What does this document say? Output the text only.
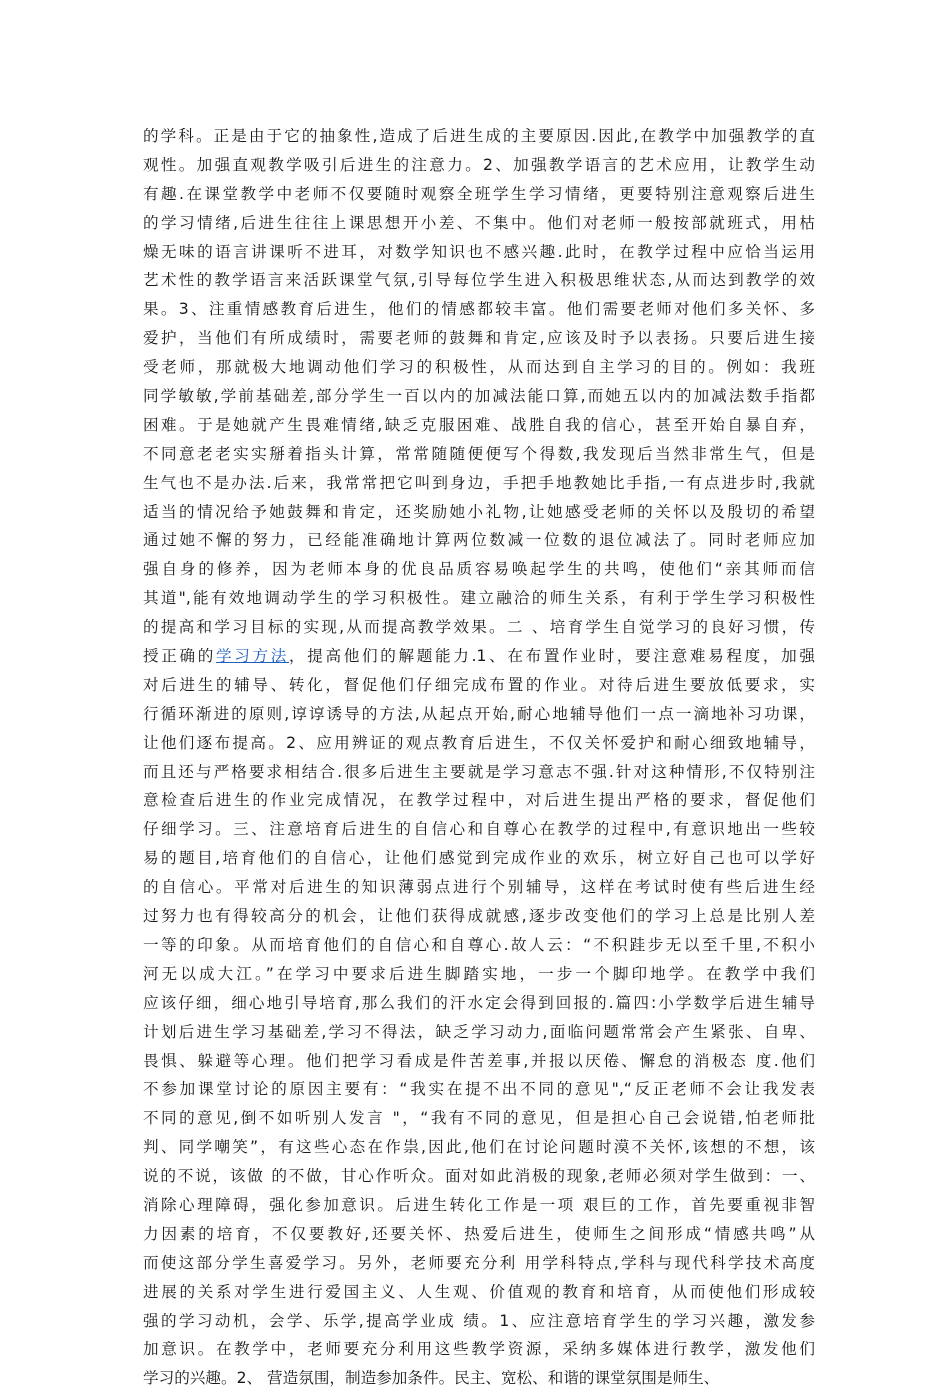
的学科。正是由于它的抽象性,造成了后进生成的主要原因.因此,在教学中加强教学的直
观性。加强直观教学吸引后进生的注意力。2、加强教学语言的艺术应用，让教学生动
有趣.在课堂教学中老师不仅要随时观察全班学生学习情绪，更要特别注意观察后进生
的学习情绪,后进生往往上课思想开小差、不集中。他们对老师一般按部就班式，用枯
燥无味的语言讲课听不进耳，对数学知识也不感兴趣.此时，在教学过程中应恰当运用
艺术性的教学语言来活跃课堂气氛,引导每位学生进入积极思维状态,从而达到教学的效
果。3、注重情感教育后进生，他们的情感都较丰富。他们需要老师对他们多关怀、多
爱护，当他们有所成绩时，需要老师的鼓舞和肯定,应该及时予以表扬。只要后进生接
受老师，那就极大地调动他们学习的积极性，从而达到自主学习的目的。例如：我班
同学敏敏,学前基础差,部分学生一百以内的加减法能口算,而她五以内的加减法数手指都
困难。于是她就产生畏难情绪,缺乏克服困难、战胜自我的信心，甚至开始自暴自弃，
不同意老老实实掰着指头计算，常常随随便便写个得数,我发现后当然非常生气，但是
生气也不是办法.后来，我常常把它叫到身边，手把手地教她比手指,一有点进步时,我就
适当的情况给予她鼓舞和肯定，还奖励她小礼物,让她感受老师的关怀以及殷切的希望
通过她不懈的努力，已经能准确地计算两位数减一位数的退位减法了。同时老师应加
强自身的修养，因为老师本身的优良品质容易唤起学生的共鸣，使他们“亲其师而信
其道",能有效地调动学生的学习积极性。建立融洽的师生关系，有利于学生学习积极性
的提高和学习目标的实现,从而提高教学效果。二 、培育学生自觉学习的良好习惯，传
授正确的学习方法，提高他们的解题能力.1、在布置作业时，要注意难易程度，加强
对后进生的辅导、转化，督促他们仔细完成布置的作业。对待后进生要放低要求，实
行循环渐进的原则,谆谆诱导的方法,从起点开始,耐心地辅导他们一点一滴地补习功课，
让他们逐布提高。2、应用辨证的观点教育后进生，不仅关怀爱护和耐心细致地辅导，
而且还与严格要求相结合.很多后进生主要就是学习意志不强.针对这种情形,不仅特别注
意检查后进生的作业完成情况，在教学过程中，对后进生提出严格的要求，督促他们
仔细学习。三、注意培育后进生的自信心和自尊心在教学的过程中,有意识地出一些较
易的题目,培育他们的自信心，让他们感觉到完成作业的欢乐，树立好自己也可以学好
的自信心。平常对后进生的知识薄弱点进行个别辅导，这样在考试时使有些后进生经
过努力也有得较高分的机会，让他们获得成就感,逐步改变他们的学习上总是比别人差
一等的印象。从而培育他们的自信心和自尊心.故人云：“不积跬步无以至千里,不积小
河无以成大江。”在学习中要求后进生脚踏实地，一步一个脚印地学。在教学中我们
应该仔细，细心地引导培育,那么我们的汗水定会得到回报的.篇四:小学数学后进生辅导
计划后进生学习基础差,学习不得法，缺乏学习动力,面临问题常常会产生紧张、自卑、
畏惧、躲避等心理。他们把学习看成是件苦差事,并报以厌倦、懈怠的消极态 度.他们
不参加课堂讨论的原因主要有：“我实在提不出不同的意见",“反正老师不会让我发表
不同的意见,倒不如听别人发言 "，“我有不同的意见，但是担心自己会说错,怕老师批
判、同学嘲笑”，有这些心态在作祟,因此,他们在讨论问题时漠不关怀,该想的不想，该
说的不说，该做 的不做，甘心作听众。面对如此消极的现象,老师必须对学生做到：一、
消除心理障碍，强化参加意识。后进生转化工作是一项 艰巨的工作，首先要重视非智
力因素的培育，不仅要教好,还要关怀、热爱后进生，使师生之间形成“情感共鸣”从
而使这部分学生喜爱学习。另外，老师要充分利 用学科特点,学科与现代科学技术高度
进展的关系对学生进行爱国主义、人生观、价值观的教育和培育，从而使他们形成较
强的学习动机，会学、乐学,提高学业成 绩。1、应注意培育学生的学习兴趣，激发参
加意识。在教学中，老师要充分利用这些教学资源，采纳多媒体进行教学，激发他们
学习的兴趣。2、 营造氛围，制造参加条件。民主、宽松、和谐的课堂氛围是师生、
